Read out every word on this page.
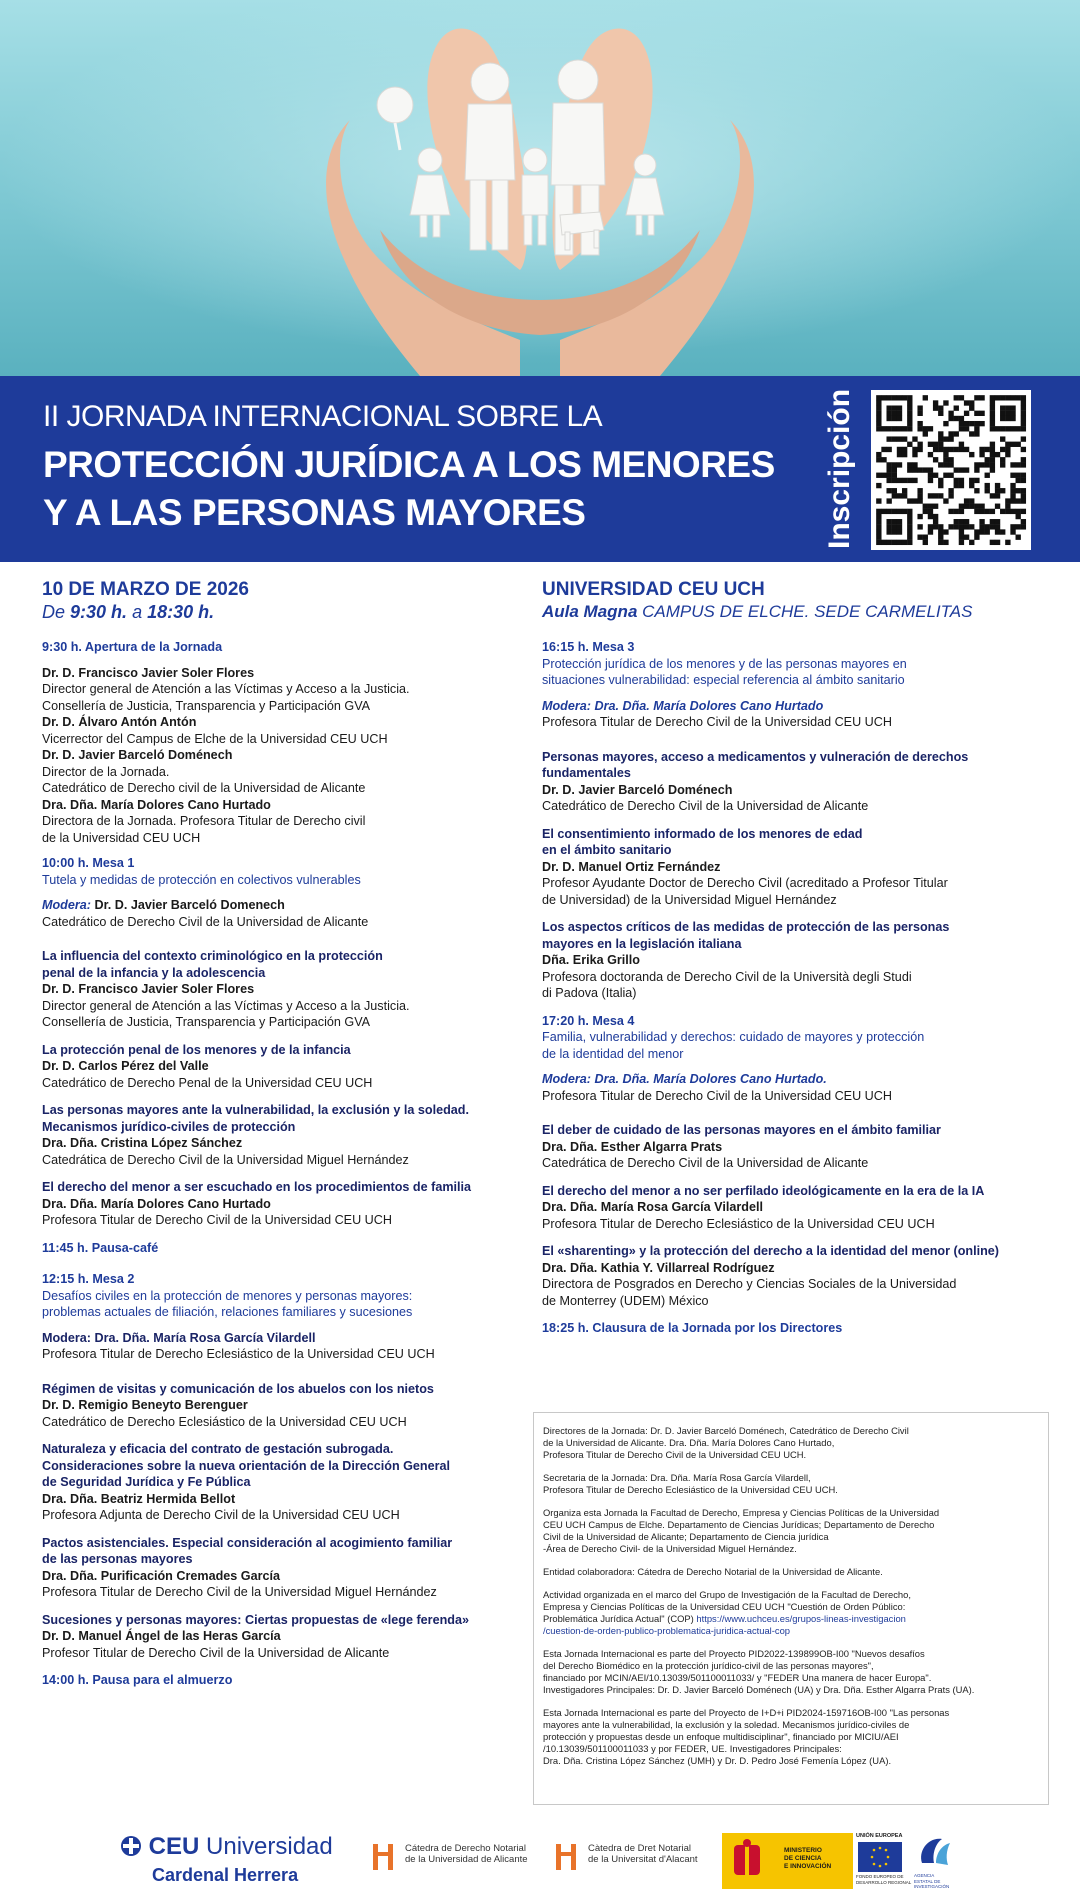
II JORNADA INTERNACIONAL SOBRE LA
PROTECCIÓN JURÍDICA A LOS MENORES
Y A LAS PERSONAS MAYORES	Inscripción
10 DE MARZO DE 2026
De 9:30 h. a 18:30 h.
9:30 h. Apertura de la Jornada
Dr. D. Francisco Javier Soler Flores
Director general de Atención a las Víctimas y Acceso a la Justicia.
Consellería de Justicia, Transparencia y Participación GVA
Dr. D. Álvaro Antón Antón
Vicerrector del Campus de Elche de la Universidad CEU UCH
Dr. D. Javier Barceló Doménech
Director de la Jornada.
Catedrático de Derecho civil de la Universidad de Alicante
Dra. Dña. María Dolores Cano Hurtado
Directora de la Jornada. Profesora Titular de Derecho civil
de la Universidad CEU UCH
10:00 h. Mesa 1
Tutela y medidas de protección en colectivos vulnerables
Modera: Dr. D. Javier Barceló Domenech
Catedrático de Derecho Civil de la Universidad de Alicante
La influencia del contexto criminológico en la protección
penal de la infancia y la adolescencia
Dr. D. Francisco Javier Soler Flores
Director general de Atención a las Víctimas y Acceso a la Justicia.
Consellería de Justicia, Transparencia y Participación GVA
La protección penal de los menores y de la infancia
Dr. D. Carlos Pérez del Valle
Catedrático de Derecho Penal de la Universidad CEU UCH
Las personas mayores ante la vulnerabilidad, la exclusión y la soledad.
Mecanismos jurídico-civiles de protección
Dra. Dña. Cristina López Sánchez
Catedrática de Derecho Civil de la Universidad Miguel Hernández
El derecho del menor a ser escuchado en los procedimientos de familia
Dra. Dña. María Dolores Cano Hurtado
Profesora Titular de Derecho Civil de la Universidad CEU UCH
11:45 h. Pausa-café
12:15 h. Mesa 2
Desafíos civiles en la protección de menores y personas mayores:
problemas actuales de filiación, relaciones familiares y sucesiones
Modera: Dra. Dña. María Rosa García Vilardell
Profesora Titular de Derecho Eclesiástico de la Universidad CEU UCH
Régimen de visitas y comunicación de los abuelos con los nietos
Dr. D. Remigio Beneyto Berenguer
Catedrático de Derecho Eclesiástico de la Universidad CEU UCH
Naturaleza y eficacia del contrato de gestación subrogada.
Consideraciones sobre la nueva orientación de la Dirección General
de Seguridad Jurídica y Fe Pública
Dra. Dña. Beatriz Hermida Bellot
Profesora Adjunta de Derecho Civil de la Universidad CEU UCH
Pactos asistenciales. Especial consideración al acogimiento familiar
de las personas mayores
Dra. Dña. Purificación Cremades García
Profesora Titular de Derecho Civil de la Universidad Miguel Hernández
Sucesiones y personas mayores: Ciertas propuestas de «lege ferenda»
Dr. D. Manuel Ángel de las Heras García
Profesor Titular de Derecho Civil de la Universidad de Alicante
14:00 h. Pausa para el almuerzo
UNIVERSIDAD CEU UCH
Aula Magna CAMPUS DE ELCHE. SEDE CARMELITAS
16:15 h. Mesa 3
Protección jurídica de los menores y de las personas mayores en
situaciones vulnerabilidad: especial referencia al ámbito sanitario
Modera: Dra. Dña. María Dolores Cano Hurtado
Profesora Titular de Derecho Civil de la Universidad CEU UCH
Personas mayores, acceso a medicamentos y vulneración de derechos
fundamentales
Dr. D. Javier Barceló Doménech
Catedrático de Derecho Civil de la Universidad de Alicante
El consentimiento informado de los menores de edad
en el ámbito sanitario
Dr. D. Manuel Ortiz Fernández
Profesor Ayudante Doctor de Derecho Civil (acreditado a Profesor Titular
de Universidad) de la Universidad Miguel Hernández
Los aspectos críticos de las medidas de protección de las personas
mayores en la legislación italiana
Dña. Erika Grillo
Profesora doctoranda de Derecho Civil de la Università degli Studi
di Padova (Italia)
17:20 h. Mesa 4
Familia, vulnerabilidad y derechos: cuidado de mayores y protección
de la identidad del menor
Modera: Dra. Dña. María Dolores Cano Hurtado.
Profesora Titular de Derecho Civil de la Universidad CEU UCH
El deber de cuidado de las personas mayores en el ámbito familiar
Dra. Dña. Esther Algarra Prats
Catedrática de Derecho Civil de la Universidad de Alicante
El derecho del menor a no ser perfilado ideológicamente en la era de la IA
Dra. Dña. María Rosa García Vilardell
Profesora Titular de Derecho Eclesiástico de la Universidad CEU UCH
El «sharenting» y la protección del derecho a la identidad del menor (online)
Dra. Dña. Kathia Y. Villarreal Rodríguez
Directora de Posgrados en Derecho y Ciencias Sociales de la Universidad
de Monterrey (UDEM) México
18:25 h. Clausura de la Jornada por los Directores

Directores de la Jornada: Dr. D. Javier Barceló Doménech, Catedrático de Derecho Civil
de la Universidad de Alicante. Dra. Dña. María Dolores Cano Hurtado,
Profesora Titular de Derecho Civil de la Universidad CEU UCH.

Secretaria de la Jornada: Dra. Dña. María Rosa García Vilardell,
Profesora Titular de Derecho Eclesiástico de la Universidad CEU UCH.

Organiza esta Jornada la Facultad de Derecho, Empresa y Ciencias Políticas de la Universidad
CEU UCH Campus de Elche. Departamento de Ciencias Jurídicas; Departamento de Derecho
Civil de la Universidad de Alicante; Departamento de Ciencia jurídica
-Área de Derecho Civil- de la Universidad Miguel Hernández.

Entidad colaboradora: Cátedra de Derecho Notarial de la Universidad de Alicante.

Actividad organizada en el marco del Grupo de Investigación de la Facultad de Derecho,
Empresa y Ciencias Políticas de la Universidad CEU UCH "Cuestión de Orden Público:
Problemática Jurídica Actual" (COP) https://www.uchceu.es/grupos-lineas-investigacion
/cuestion-de-orden-publico-problematica-juridica-actual-cop

Esta Jornada Internacional es parte del Proyecto PID2022-139899OB-I00 "Nuevos desafíos
del Derecho Biomédico en la protección jurídico-civil de las personas mayores",
financiado por MCIN/AEI/10.13039/501100011033/ y "FEDER Una manera de hacer Europa".
Investigadores Principales: Dr. D. Javier Barceló Doménech (UA) y Dra. Dña. Esther Algarra Prats (UA).

Esta Jornada Internacional es parte del Proyecto de I+D+i PID2024-159716OB-I00 "Las personas
mayores ante la vulnerabilidad, la exclusión y la soledad. Mecanismos jurídico-civiles de
protección y propuestas desde un enfoque multidisciplinar", financiado por MICIU/AEI
/10.13039/501100011033 y por FEDER, UE. Investigadores Principales:
Dra. Dña. Cristina López Sánchez (UMH) y Dr. D. Pedro José Femenía López (UA).

CEU Universidad
Cardenal Herrera
Cátedra de Derecho Notarial
de la Universidad de Alicante
Càtedra de Dret Notarial
de la Universitat d'Alacant
MINISTERIO
DE CIENCIA
E INNOVACIÓN
UNIÓN EUROPEA
FONDO EUROPEO DE
DESARROLLO REGIONAL
AGENCIA
ESTATAL DE
INVESTIGACIÓN
